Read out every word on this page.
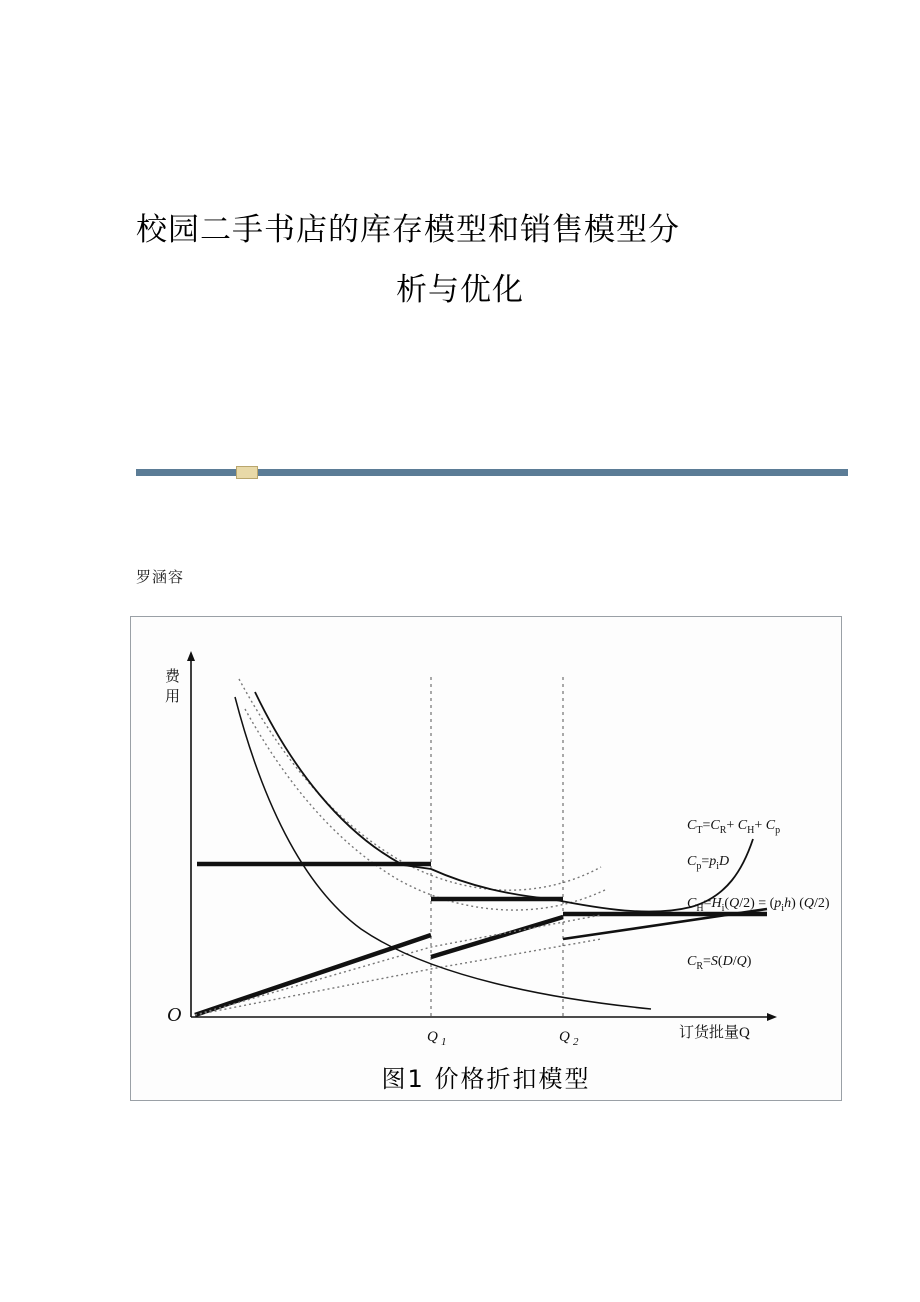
校园二手书店的库存模型和销售模型分
析与优化
罗涵容
费
用
O
Q 1	Q 2
订货批量Q
$C_T=C_R+ C_H+ C_p$
$C_p=p_iD$
$C_H=H_i(Q/2) = (p_ih)$ (Q/2)
$C_R=S(D/Q)$
图1 价格折扣模型
